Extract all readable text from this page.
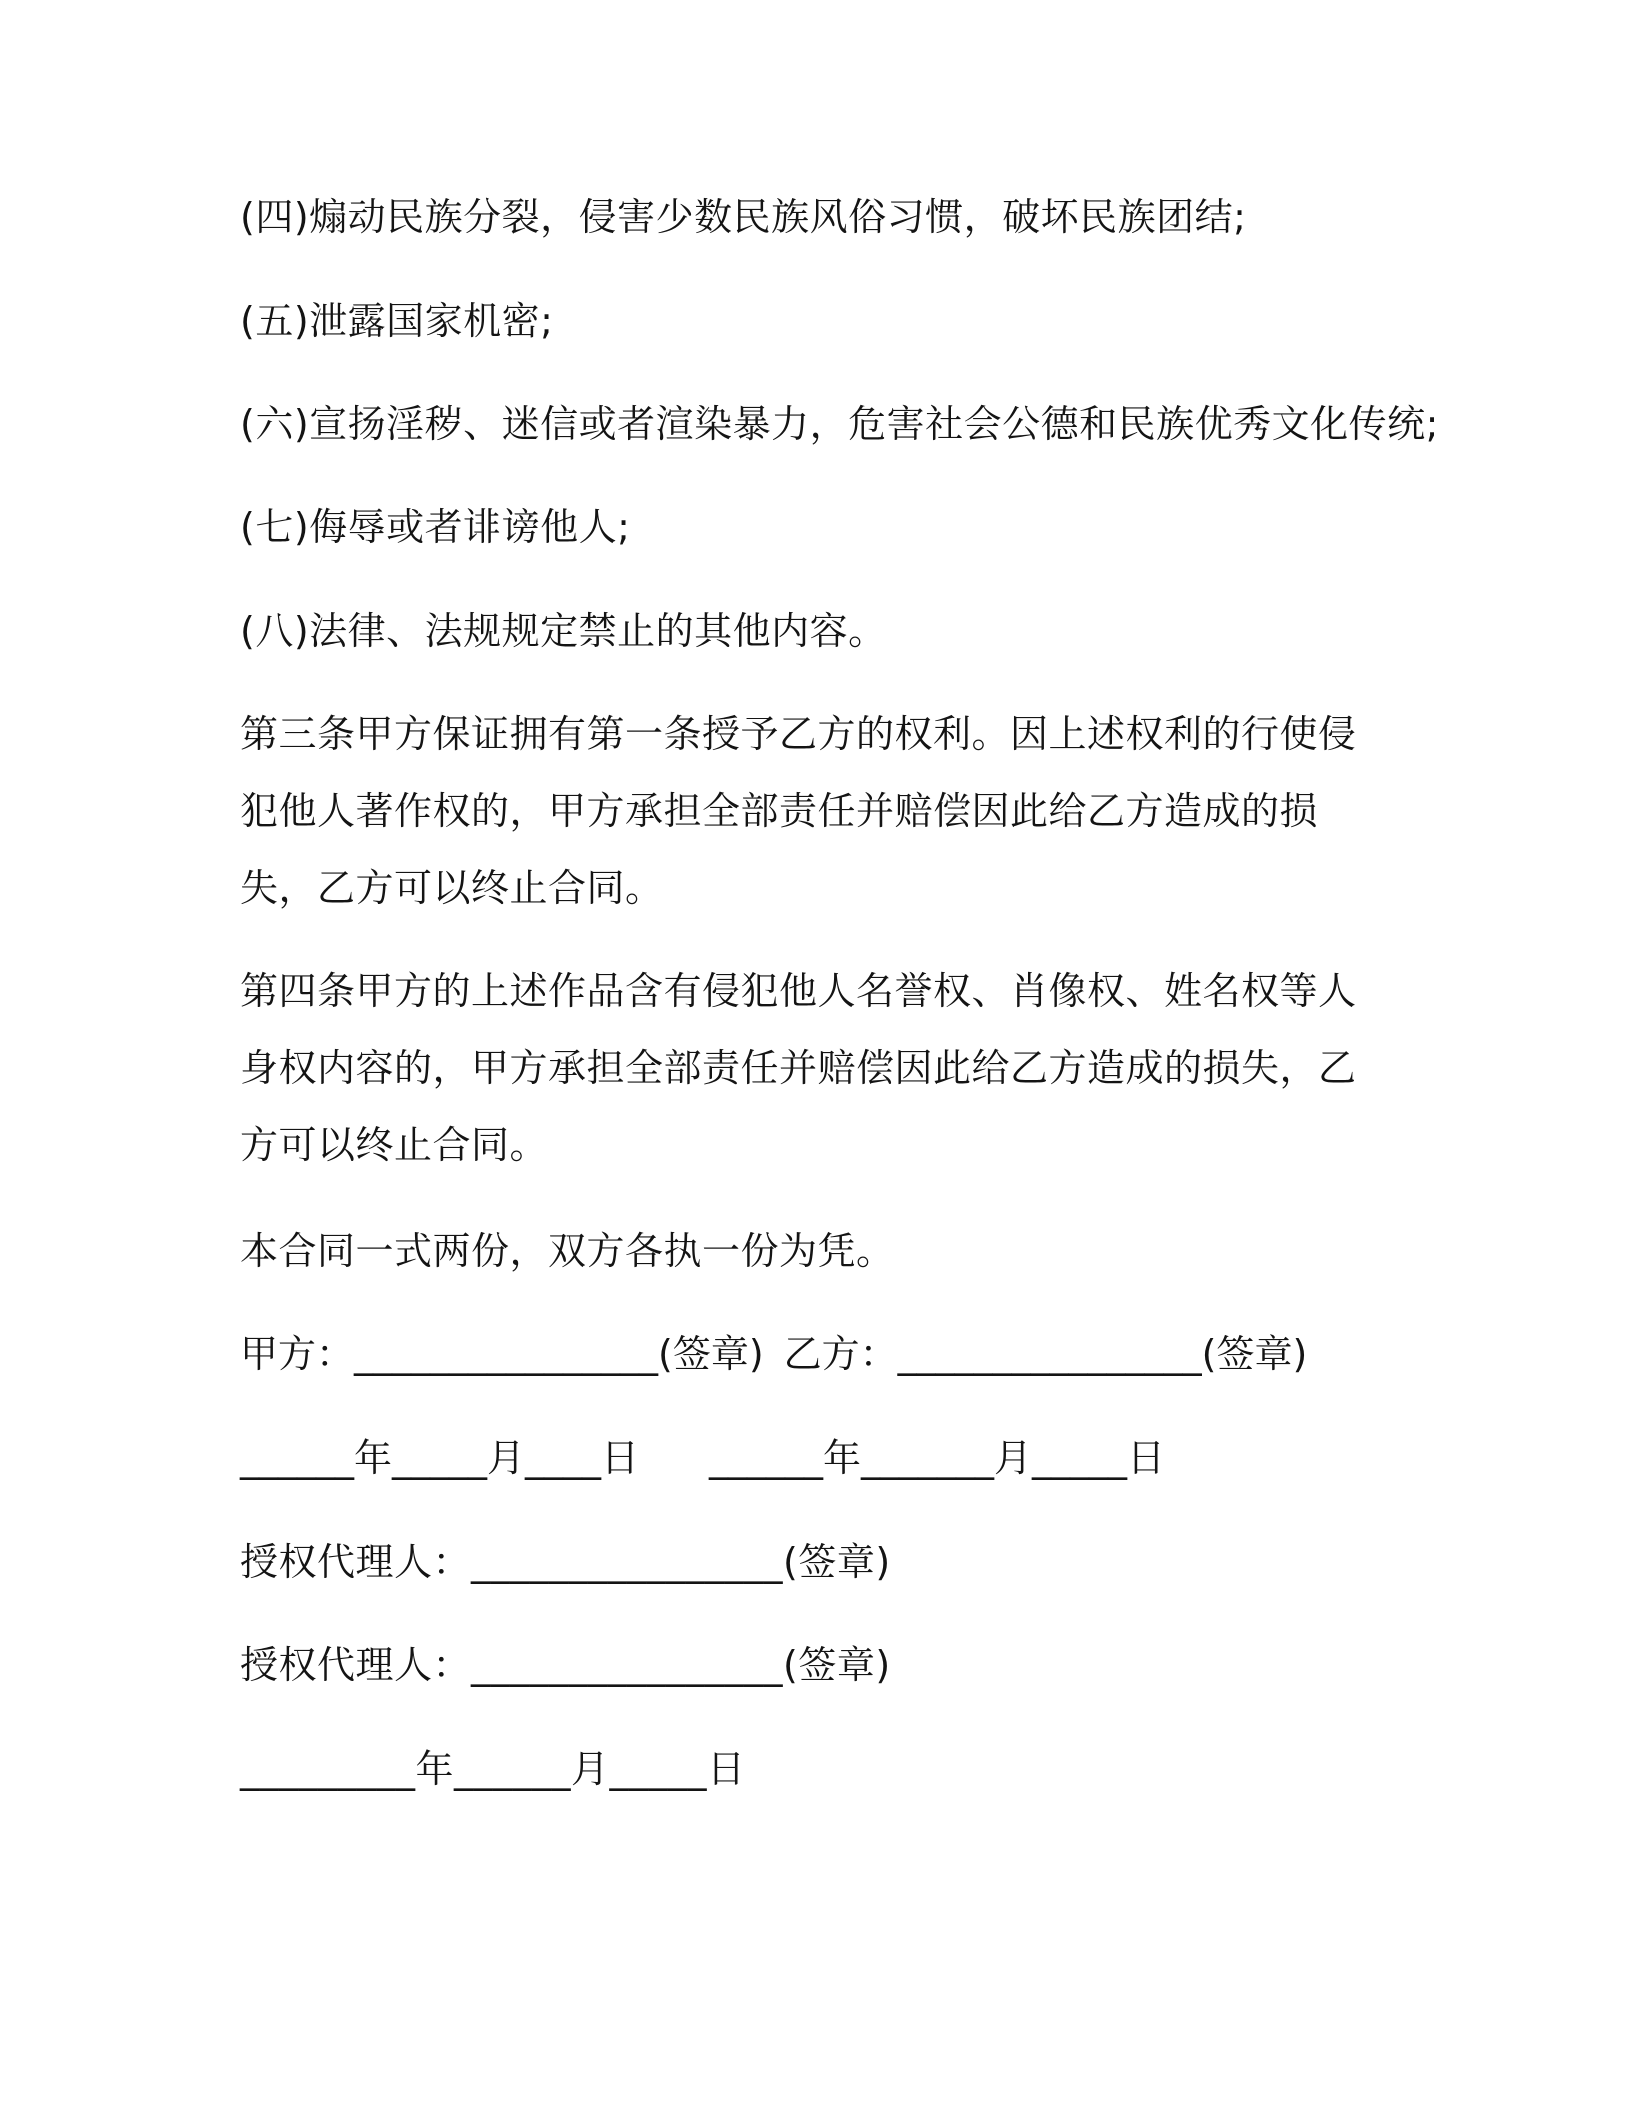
(四)煽动民族分裂，侵害少数民族风俗习惯，破坏民族团结;
(五)泄露国家机密;
(六)宣扬淫秽、迷信或者渲染暴力，危害社会公德和民族优秀文化传统;
(七)侮辱或者诽谤他人;
(八)法律、法规规定禁止的其他内容。
第三条甲方保证拥有第一条授予乙方的权利。因上述权利的行使侵犯他人著作权的，甲方承担全部责任并赔偿因此给乙方造成的损失，乙方可以终止合同。
第四条甲方的上述作品含有侵犯他人名誉权、肖像权、姓名权等人身权内容的，甲方承担全部责任并赔偿因此给乙方造成的损失，乙方可以终止合同。
本合同一式两份，双方各执一份为凭。
甲方：________________(签章) 乙方：________________(签章)
______年_____月____日 ______年_______月_____日
授权代理人：________________(签章)
授权代理人：________________(签章)
_________年______月_____日
